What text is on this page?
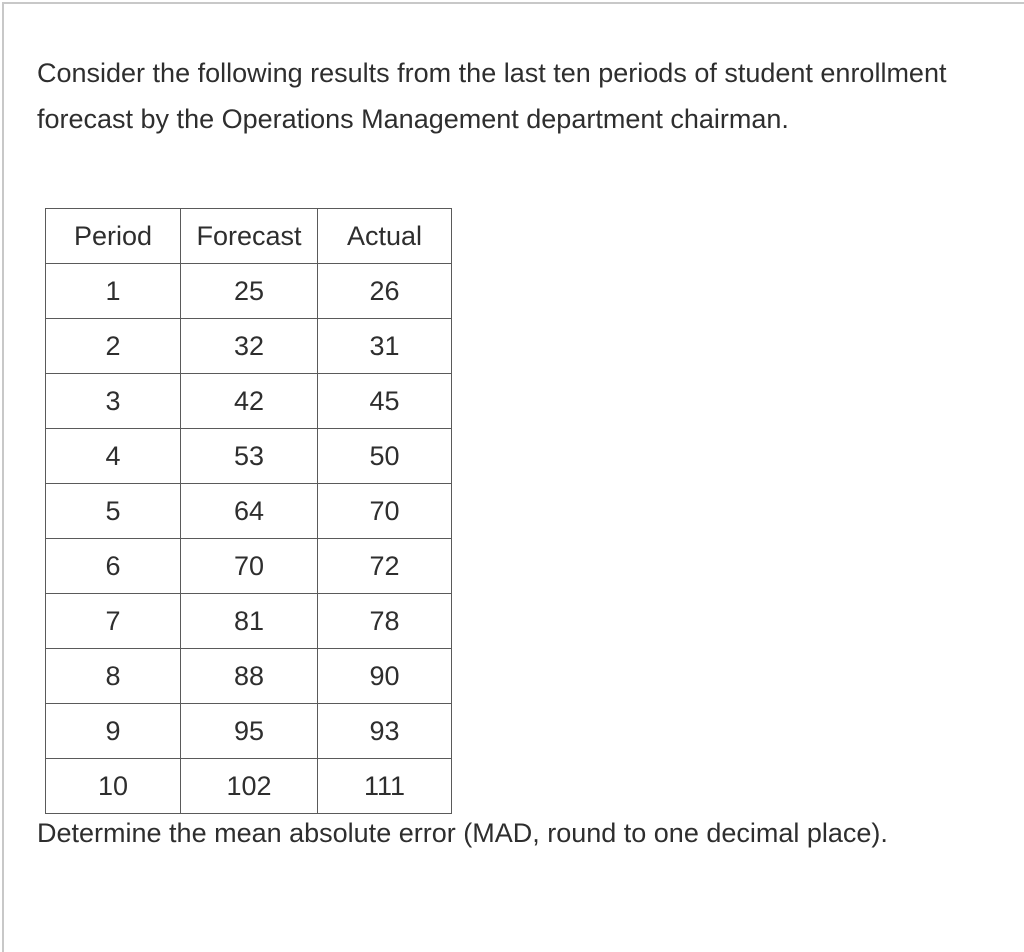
Consider the following results from the last ten periods of student enrollment forecast by the Operations Management department chairman.

Period	Forecast	Actual
1	25	26
2	32	31
3	42	45
4	53	50
5	64	70
6	70	72
7	81	78
8	88	90
9	95	93
10	102	111

Determine the mean absolute error (MAD, round to one decimal place).
